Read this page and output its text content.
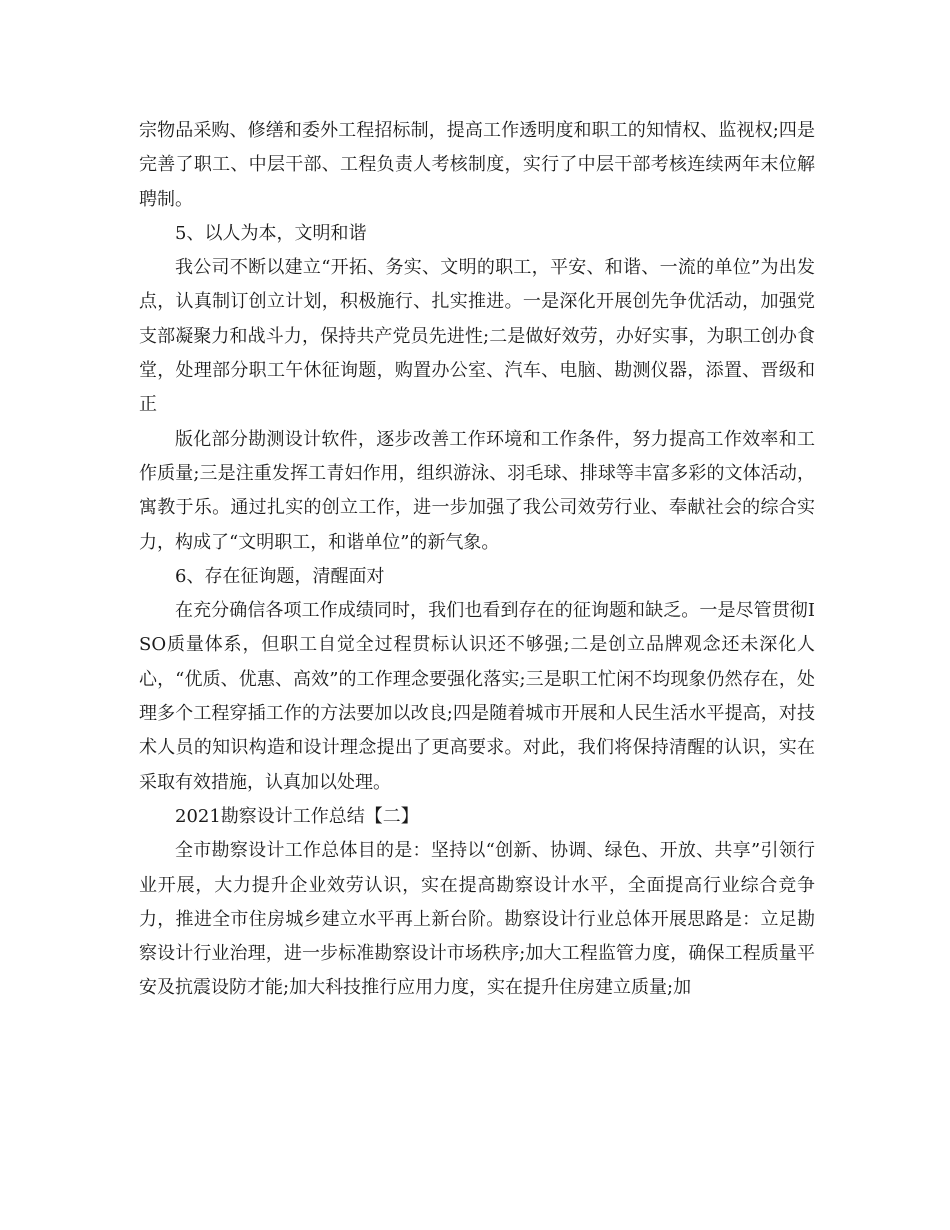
宗物品采购、修缮和委外工程招标制，提高工作透明度和职工的知情权、监视权;四是完善了职工、中层干部、工程负责人考核制度，实行了中层干部考核连续两年末位解聘制。

5、以人为本，文明和谐

我公司不断以建立“开拓、务实、文明的职工，平安、和谐、一流的单位”为出发点，认真制订创立计划，积极施行、扎实推进。一是深化开展创先争优活动，加强党支部凝聚力和战斗力，保持共产党员先进性;二是做好效劳，办好实事，为职工创办食堂，处理部分职工午休征询题，购置办公室、汽车、电脑、勘测仪器，添置、晋级和正

版化部分勘测设计软件，逐步改善工作环境和工作条件，努力提高工作效率和工作质量;三是注重发挥工青妇作用，组织游泳、羽毛球、排球等丰富多彩的文体活动，寓教于乐。通过扎实的创立工作，进一步加强了我公司效劳行业、奉献社会的综合实力，构成了“文明职工，和谐单位”的新气象。

6、存在征询题，清醒面对

在充分确信各项工作成绩同时，我们也看到存在的征询题和缺乏。一是尽管贯彻ISO质量体系，但职工自觉全过程贯标认识还不够强;二是创立品牌观念还未深化人心，“优质、优惠、高效”的工作理念要强化落实;三是职工忙闲不均现象仍然存在，处理多个工程穿插工作的方法要加以改良;四是随着城市开展和人民生活水平提高，对技术人员的知识构造和设计理念提出了更高要求。对此，我们将保持清醒的认识，实在采取有效措施，认真加以处理。

2021勘察设计工作总结【二】

全市勘察设计工作总体目的是：坚持以“创新、协调、绿色、开放、共享”引领行业开展，大力提升企业效劳认识，实在提高勘察设计水平，全面提高行业综合竞争力，推进全市住房城乡建立水平再上新台阶。勘察设计行业总体开展思路是：立足勘察设计行业治理，进一步标准勘察设计市场秩序;加大工程监管力度，确保工程质量平安及抗震设防才能;加大科技推行应用力度，实在提升住房建立质量;加
